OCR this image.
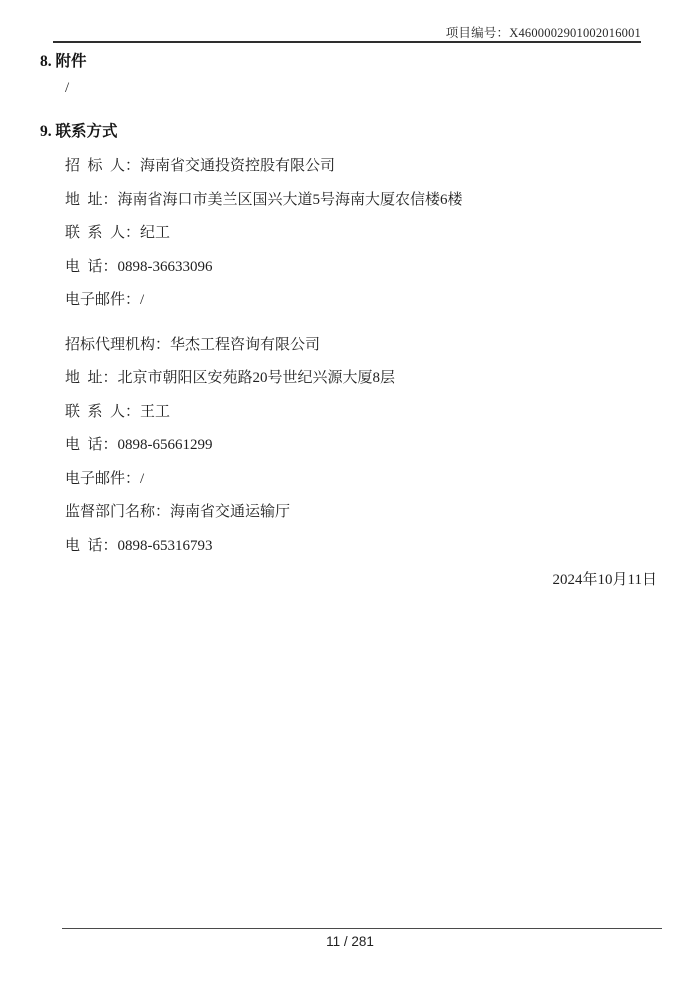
项目编号：X4600002901002016001
8. 附件
/
9. 联系方式
招  标  人：海南省交通投资控股有限公司
地  址：海南省海口市美兰区国兴大道5号海南大厦农信楼6楼
联  系  人：纪工
电  话：0898-36633096
电子邮件：/
招标代理机构：华杰工程咨询有限公司
地  址：北京市朝阳区安苑路20号世纪兴源大厦8层
联  系  人：王工
电  话：0898-65661299
电子邮件：/
监督部门名称：海南省交通运输厅
电  话：0898-65316793
2024年10月11日
11 / 281
